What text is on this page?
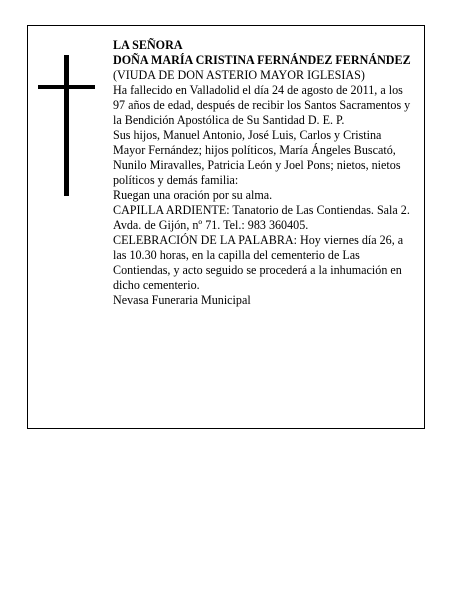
LA SEÑORA

DOÑA MARÍA CRISTINA FERNÁNDEZ FERNÁNDEZ

(VIUDA DE DON ASTERIO MAYOR IGLESIAS)

Ha fallecido en Valladolid el día 24 de agosto de 2011, a los 97 años de edad, después de recibir los Santos Sacramentos y la Bendición Apostólica de Su Santidad D. E. P.

Sus hijos, Manuel Antonio, José Luis, Carlos y Cristina Mayor Fernández; hijos políticos, María Ángeles Buscató, Nunilo Miravalles, Patricia León y Joel Pons; nietos, nietos políticos y demás familia:

Ruegan una oración por su alma.

CAPILLA ARDIENTE: Tanatorio de Las Contiendas. Sala 2. Avda. de Gijón, nº 71. Tel.: 983 360405.

CELEBRACIÓN DE LA PALABRA: Hoy viernes día 26, a las 10.30 horas, en la capilla del cementerio de Las Contiendas, y acto seguido se procederá a la inhumación en dicho cementerio.

Nevasa Funeraria Municipal
